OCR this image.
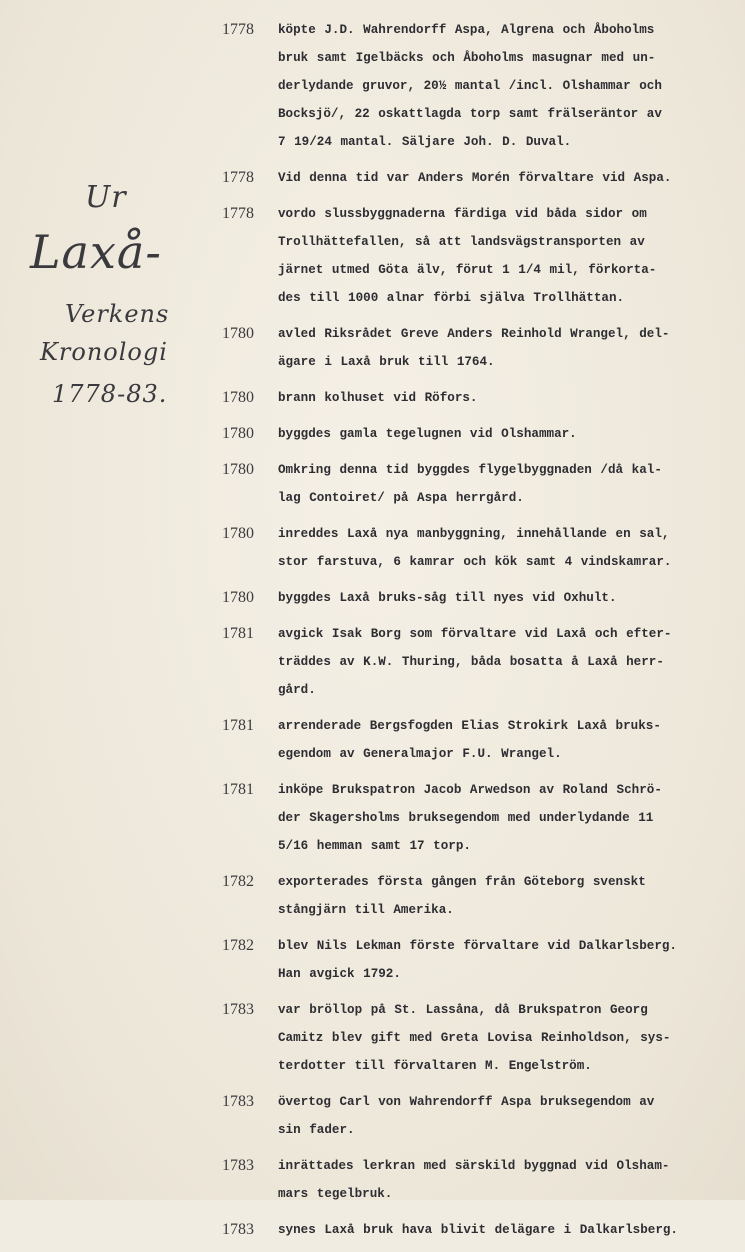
Ur
Laxå-
Verkens
Kronologi
1778-83.
1778	köpte J.D. Wahrendorff Aspa, Algrena och Åboholms
bruk samt Igelbäcks och Åboholms masugnar med un-
derlydande gruvor, 20½ mantal /incl. Olshammar och
Bocksjö/, 22 oskattlagda torp samt frälseräntor av
7 19/24 mantal. Säljare Joh. D. Duval.
1778	Vid denna tid var Anders Morén förvaltare vid Aspa.
1778	vordo slussbyggnaderna färdiga vid båda sidor om
Trollhättefallen, så att landsvägstransporten av
järnet utmed Göta älv, förut 1 1/4 mil, förkorta-
des till 1000 alnar förbi själva Trollhättan.
1780	avled Riksrådet Greve Anders Reinhold Wrangel, del-
ägare i Laxå bruk till 1764.
1780	brann kolhuset vid Röfors.
1780	byggdes gamla tegelugnen vid Olshammar.
1780	Omkring denna tid byggdes flygelbyggnaden /då kal-
lag Contoiret/ på Aspa herrgård.
1780	inreddes Laxå nya manbyggning, innehållande en sal,
stor farstuva, 6 kamrar och kök samt 4 vindskamrar.
1780	byggdes Laxå bruks-såg till nyes vid Oxhult.
1781	avgick Isak Borg som förvaltare vid Laxå och efter-
träddes av K.W. Thuring, båda bosatta å Laxå herr-
gård.
1781	arrenderade Bergsfogden Elias Strokirk Laxå bruks-
egendom av Generalmajor F.U. Wrangel.
1781	inköpe Brukspatron Jacob Arwedson av Roland Schrö-
der Skagersholms bruksegendom med underlydande 11
5/16 hemman samt 17 torp.
1782	exporterades första gången från Göteborg svenskt
stångjärn till Amerika.
1782	blev Nils Lekman förste förvaltare vid Dalkarlsberg.
Han avgick 1792.
1783	var bröllop på St. Lassåna, då Brukspatron Georg
Camitz blev gift med Greta Lovisa Reinholdson, sys-
terdotter till förvaltaren M. Engelström.
1783	övertog Carl von Wahrendorff Aspa bruksegendom av
sin fader.
1783	inrättades lerkran med särskild byggnad vid Olsham-
mars tegelbruk.
1783	synes Laxå bruk hava blivit delägare i Dalkarlsberg.
